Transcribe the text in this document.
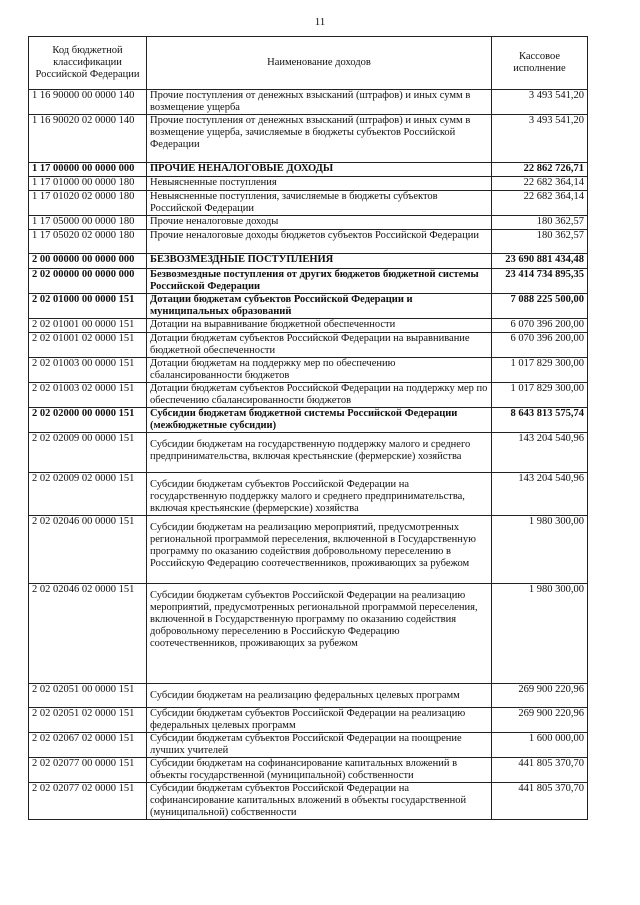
11
Код бюджетной классификации Российской Федерации	Наименование доходов	Кассовое исполнение
1 16 90000 00 0000 140	Прочие поступления от денежных взысканий (штрафов) и иных сумм в возмещение ущерба	3 493 541,20
1 16 90020 02 0000 140	Прочие поступления от денежных взысканий (штрафов) и иных сумм в возмещение ущерба, зачисляемые в бюджеты субъектов Российской Федерации	3 493 541,20
1 17 00000 00 0000 000	ПРОЧИЕ НЕНАЛОГОВЫЕ ДОХОДЫ	22 862 726,71
1 17 01000 00 0000 180	Невыясненные поступления	22 682 364,14
1 17 01020 02 0000 180	Невыясненные поступления, зачисляемые в бюджеты субъектов Российской Федерации	22 682 364,14
1 17 05000 00 0000 180	Прочие неналоговые доходы	180 362,57
1 17 05020 02 0000 180	Прочие неналоговые доходы бюджетов субъектов Российской Федерации	180 362,57
2 00 00000 00 0000 000	БЕЗВОЗМЕЗДНЫЕ ПОСТУПЛЕНИЯ	23 690 881 434,48
2 02 00000 00 0000 000	Безвозмездные поступления от других бюджетов бюджетной системы Российской Федерации	23 414 734 895,35
2 02 01000 00 0000 151	Дотации бюджетам субъектов Российской Федерации и муниципальных образований	7 088 225 500,00
2 02 01001 00 0000 151	Дотации на выравнивание бюджетной обеспеченности	6 070 396 200,00
2 02 01001 02 0000 151	Дотации бюджетам субъектов Российской Федерации на выравнивание бюджетной обеспеченности	6 070 396 200,00
2 02 01003 00 0000 151	Дотации бюджетам на поддержку мер по обеспечению сбалансированности бюджетов	1 017 829 300,00
2 02 01003 02 0000 151	Дотации бюджетам субъектов Российской Федерации на поддержку мер по обеспечению сбалансированности бюджетов	1 017 829 300,00
2 02 02000 00 0000 151	Субсидии бюджетам бюджетной системы Российской Федерации (межбюджетные субсидии)	8 643 813 575,74
2 02 02009 00 0000 151	Субсидии бюджетам на государственную поддержку малого и среднего предпринимательства, включая крестьянские (фермерские) хозяйства	143 204 540,96
2 02 02009 02 0000 151	Субсидии бюджетам субъектов Российской Федерации на государственную поддержку малого и среднего предпринимательства, включая крестьянские (фермерские) хозяйства	143 204 540,96
2 02 02046 00 0000 151	Субсидии бюджетам на реализацию мероприятий, предусмотренных региональной программой переселения, включенной в Государственную программу по оказанию содействия добровольному переселению в Российскую Федерацию соотечественников, проживающих за рубежом	1 980 300,00
2 02 02046 02 0000 151	Субсидии бюджетам субъектов Российской Федерации на реализацию мероприятий, предусмотренных региональной программой переселения, включенной в Государственную программу по оказанию содействия добровольному переселению в Российскую Федерацию соотечественников, проживающих за рубежом	1 980 300,00
2 02 02051 00 0000 151	Субсидии бюджетам на реализацию федеральных целевых программ	269 900 220,96
2 02 02051 02 0000 151	Субсидии бюджетам субъектов Российской Федерации на реализацию федеральных целевых программ	269 900 220,96
2 02 02067 02 0000 151	Субсидии бюджетам субъектов Российской Федерации на поощрение лучших учителей	1 600 000,00
2 02 02077 00 0000 151	Субсидии бюджетам на софинансирование капитальных вложений в объекты государственной (муниципальной) собственности	441 805 370,70
2 02 02077 02 0000 151	Субсидии бюджетам субъектов Российской Федерации на софинансирование капитальных вложений в объекты государственной (муниципальной) собственности	441 805 370,70
